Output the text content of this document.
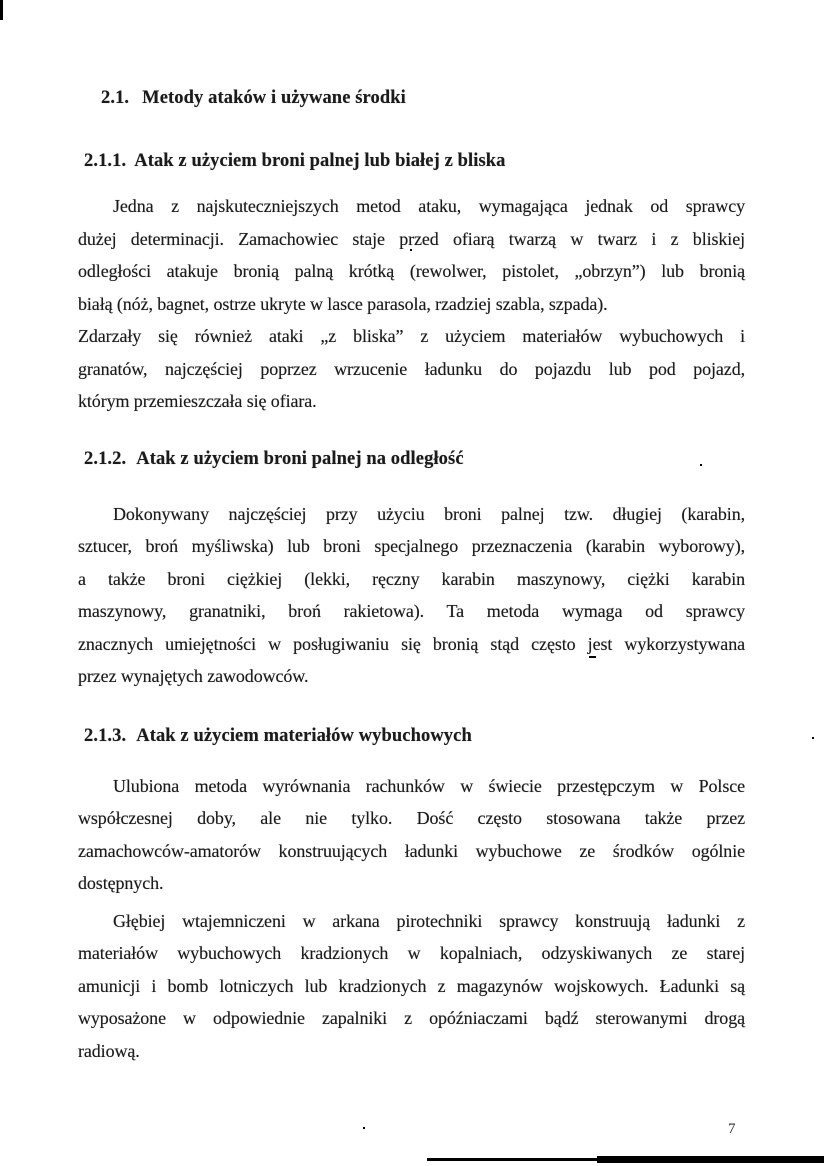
2.1. Metody ataków i używane środki
2.1.1. Atak z użyciem broni palnej lub białej z bliska
Jedna z najskuteczniejszych metod ataku, wymagająca jednak od sprawcy
dużej determinacji. Zamachowiec staje przed ofiarą twarzą w twarz i z bliskiej
odległości atakuje bronią palną krótką (rewolwer, pistolet, „obrzyn”) lub bronią
białą (nóż, bagnet, ostrze ukryte w lasce parasola, rzadziej szabla, szpada).
Zdarzały się również ataki „z bliska” z użyciem materiałów wybuchowych i
granatów, najczęściej poprzez wrzucenie ładunku do pojazdu lub pod pojazd,
którym przemieszczała się ofiara.
2.1.2. Atak z użyciem broni palnej na odległość
Dokonywany najczęściej przy użyciu broni palnej tzw. długiej (karabin,
sztucer, broń myśliwska) lub broni specjalnego przeznaczenia (karabin wyborowy),
a także broni ciężkiej (lekki, ręczny karabin maszynowy, ciężki karabin
maszynowy, granatniki, broń rakietowa). Ta metoda wymaga od sprawcy
znacznych umiejętności w posługiwaniu się bronią stąd często jest wykorzystywana
przez wynajętych zawodowców.
2.1.3. Atak z użyciem materiałów wybuchowych
Ulubiona metoda wyrównania rachunków w świecie przestępczym w Polsce
współczesnej doby, ale nie tylko. Dość często stosowana także przez
zamachowców-amatorów konstruujących ładunki wybuchowe ze środków ogólnie
dostępnych.
Głębiej wtajemniczeni w arkana pirotechniki sprawcy konstruują ładunki z
materiałów wybuchowych kradzionych w kopalniach, odzyskiwanych ze starej
amunicji i bomb lotniczych lub kradzionych z magazynów wojskowych. Ładunki są
wyposażone w odpowiednie zapalniki z opóźniaczami bądź sterowanymi drogą
radiową.
7
